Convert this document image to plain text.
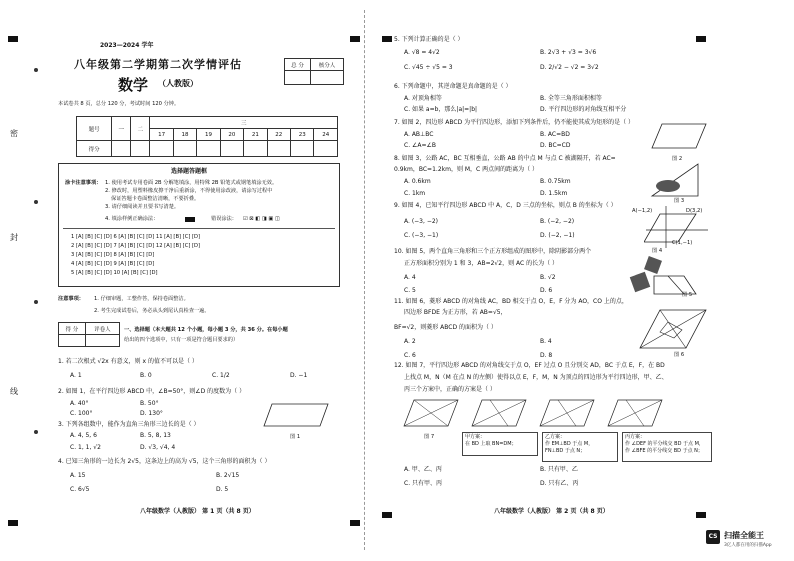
密
封
线
2023—2024 学年
八年级第二学期第二次学情评估
数学 （人教版）
总 分	核分人

本试卷共 8 页，总分 120 分，考试时间 120 分钟。
题号	一	二	三							
			17	18	19	20	21	22	23	24
得分										
选择题答题框
涂卡注意事项： 1. 使用考试专用卷面 2B 分解笔填涂，用特殊 2B 铅笔式或钢笔填涂无效。
2. 修改时，用塑料橡皮擦干净后重新涂，不得使用涂改液，请涂写过程中
保证答题卡卷面整洁清晰，不要折叠。
3. 请仔细阅读并且要书写清楚。
4. 填涂样例正确涂法：	错误涂法： ☑ ⊠ ◧ ◨ ▣ ◫
1 [A] [B] [C] [D] 6 [A] [B] [C] [D] 11 [A] [B] [C] [D]
2 [A] [B] [C] [D] 7 [A] [B] [C] [D] 12 [A] [B] [C] [D]
3 [A] [B] [C] [D] 8 [A] [B] [C] [D]
4 [A] [B] [C] [D] 9 [A] [B] [C] [D]
5 [A] [B] [C] [D] 10 [A] [B] [C] [D]
注意事项： 1. 仔细审题，工整作答，保持卷面整洁。
2. 考生完成试卷后，务必从头到尾认真检查一遍。
得 分	评卷人
		一、选择题（本大题共 12 个小题，每小题 3 分，共 36 分。在每小题
给出的四个选项中，只有一项是符合题目要求的）
1. 若二次根式 √2x 有意义，则 x 的值不可以是（ ）
A. 1	B. 0	C. 1/2	D. −1
2. 如图 1，在平行四边形 ABCD 中，∠B=50°，则∠D 的度数为（ ）
A. 40°	B. 50°
C. 100°	D. 130°
3. 下列各组数中，能作为直角三角形三边长的是（ ）
A. 4, 5, 6	B. 5, 8, 13
C. 1, 1, √2	D. √3, √4, 4
图 1
4. 已知三角形的一边长为 2√5，这条边上的高为 √5，这个三角形的面积为（ ）
A. 15	B. 2√15
C. 6√5	D. 5
八年级数学（人教版） 第 1 页（共 8 页）
5. 下列计算正确的是（ ）
A. √8 = 4√2	B. 2√3 + √3 = 3√6
C. √45 ÷ √5 = 3	D. 2/√2 − √2 = 3√2
6. 下列命题中，其逆命题是真命题的是（ ）
A. 对顶角相等	B. 全等三角形面积相等
C. 如果 a=b，那么|a|=|b|	D. 平行四边形的对角线互相平分
7. 如图 2，四边形 ABCD 为平行四边形，添加下列条件后，仍不能使其成为矩形的是（ ）
A. AB⊥BC	B. AC=BD
C. ∠A=∠B	D. BC=CD
图 2
8. 如图 3，公路 AC，BC 互相垂直，公路 AB 的中点 M 与点 C 被湖隔开，若 AC=
0.9km，BC=1.2km，则 M，C 两点间的距离为（ ）
A. 0.6km	B. 0.75km
C. 1km	D. 1.5km
图 3
9. 如图 4，已知平行四边形 ABCD 中 A，C，D 三点的坐标，则点 B 的坐标为（ ）
A. (−3, −2)	B. (−2, −2)
C. (−3, −1)	D. (−2, −1)
A(−1,2)	D(3,2)
C(1,−1)
图 4
10. 如图 5，两个直角三角形和三个正方形组成的图形中，除阴影部分两个
正方形面积分别为 1 和 3，AB=2√2，则 AC 的长为（ ）
A. 4	B. √2
C. 5	D. 6
图 5
11. 如图 6，菱形 ABCD 的对角线 AC，BD 相交于点 O，E，F 分为 AO，CO 上的点，
四边形 BFDE 为正方形，若 AB=√5，
BF=√2，则菱形 ABCD 的面积为（ ）
A. 2	B. 4
C. 6	D. 8	图 6
12. 如图 7，平行四边形 ABCD 的对角线交于点 O，EF 过点 O 且分别交 AD，BC 于点 E，F，在 BD
上找点 M，N（M 在点 N 的左侧）使得以点 E，F，M，N 为顶点的四边形为平行四边形，甲、乙、
丙三个方案中，正确的方案是（ ）
图 7	甲方案：
在 BD 上取 BN=DM；
乙方案：
作 EM⊥BD 于点 M，
FN⊥BD 于点 N；
丙方案：
作 ∠DEF 的平分线交 BD 于点 M，
作 ∠BFE 的平分线交 BD 于点 N；
A. 甲、乙、丙	B. 只有甲、乙
C. 只有甲、丙	D. 只有乙、丙
八年级数学（人教版） 第 2 页（共 8 页）
CS 扫描全能王
3亿人都在用的扫描App
